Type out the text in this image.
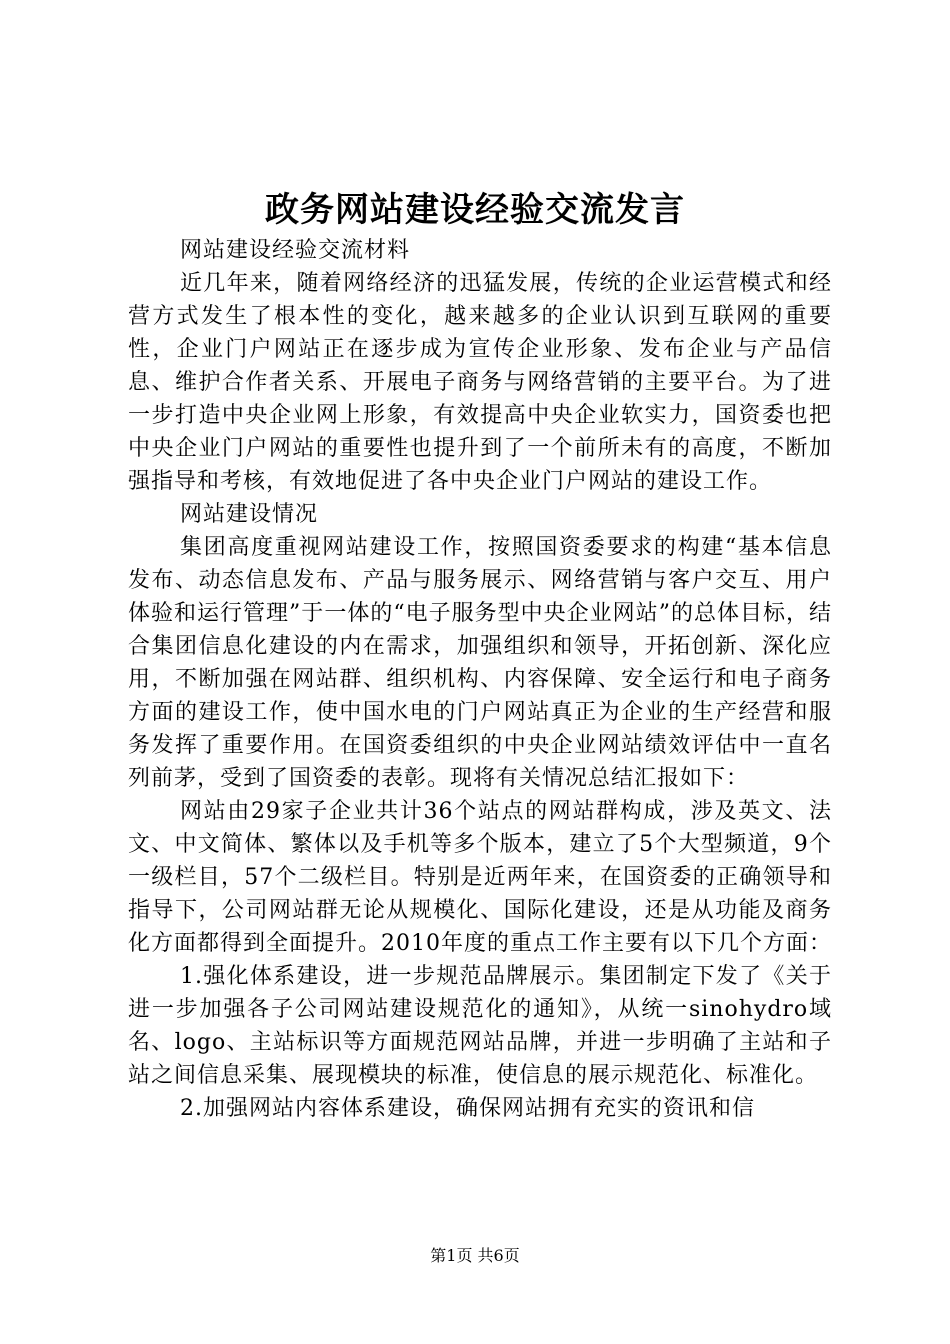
政务网站建设经验交流发言

网站建设经验交流材料

近几年来，随着网络经济的迅猛发展，传统的企业运营模式和经营方式发生了根本性的变化，越来越多的企业认识到互联网的重要性，企业门户网站正在逐步成为宣传企业形象、发布企业与产品信息、维护合作者关系、开展电子商务与网络营销的主要平台。为了进一步打造中央企业网上形象，有效提高中央企业软实力，国资委也把中央企业门户网站的重要性也提升到了一个前所未有的高度，不断加强指导和考核，有效地促进了各中央企业门户网站的建设工作。

网站建设情况

集团高度重视网站建设工作，按照国资委要求的构建“基本信息发布、动态信息发布、产品与服务展示、网络营销与客户交互、用户体验和运行管理”于一体的“电子服务型中央企业网站”的总体目标，结合集团信息化建设的内在需求，加强组织和领导，开拓创新、深化应用，不断加强在网站群、组织机构、内容保障、安全运行和电子商务方面的建设工作，使中国水电的门户网站真正为企业的生产经营和服务发挥了重要作用。在国资委组织的中央企业网站绩效评估中一直名列前茅，受到了国资委的表彰。现将有关情况总结汇报如下：

网站由29家子企业共计36个站点的网站群构成，涉及英文、法文、中文简体、繁体以及手机等多个版本，建立了5个大型频道，9个一级栏目，57个二级栏目。特别是近两年来，在国资委的正确领导和指导下，公司网站群无论从规模化、国际化建设，还是从功能及商务化方面都得到全面提升。2010年度的重点工作主要有以下几个方面：

1.强化体系建设，进一步规范品牌展示。集团制定下发了《关于进一步加强各子公司网站建设规范化的通知》，从统一sinohydro域名、logo、主站标识等方面规范网站品牌，并进一步明确了主站和子站之间信息采集、展现模块的标准，使信息的展示规范化、标准化。

2.加强网站内容体系建设，确保网站拥有充实的资讯和信

第1页 共6页
